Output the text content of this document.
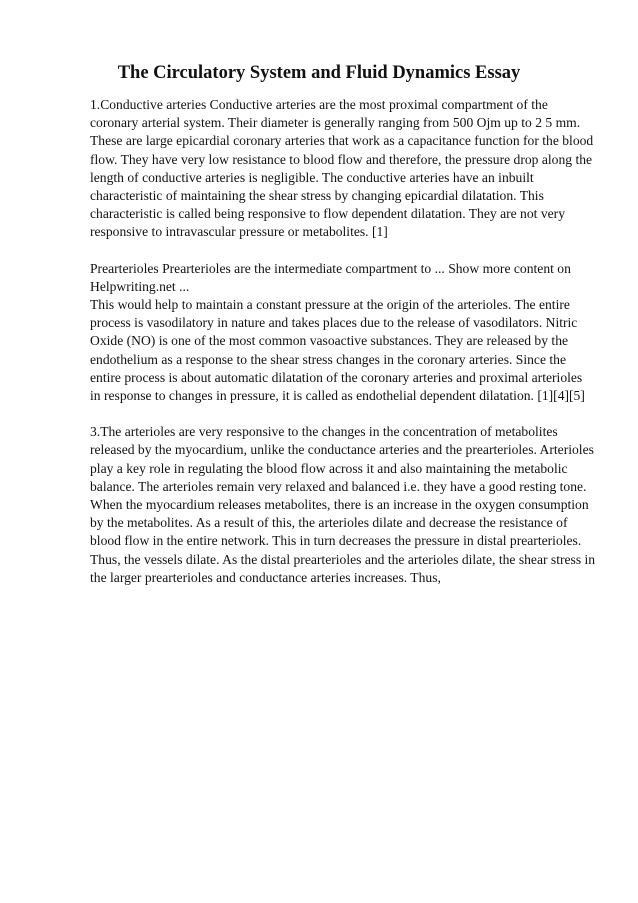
The Circulatory System and Fluid Dynamics Essay

1.Conductive arteries Conductive arteries are the most proximal compartment of the coronary arterial system. Their diameter is generally ranging from 500 Ojm up to 2 5 mm. These are large epicardial coronary arteries that work as a capacitance function for the blood flow. They have very low resistance to blood flow and therefore, the pressure drop along the length of conductive arteries is negligible. The conductive arteries have an inbuilt characteristic of maintaining the shear stress by changing epicardial dilatation. This characteristic is called being responsive to flow dependent dilatation. They are not very responsive to intravascular pressure or metabolites. [1]

Prearterioles Prearterioles are the intermediate compartment to ... Show more content on Helpwriting.net ...

This would help to maintain a constant pressure at the origin of the arterioles. The entire process is vasodilatory in nature and takes places due to the release of vasodilators. Nitric Oxide (NO) is one of the most common vasoactive substances. They are released by the endothelium as a response to the shear stress changes in the coronary arteries. Since the entire process is about automatic dilatation of the coronary arteries and proximal arterioles in response to changes in pressure, it is called as endothelial dependent dilatation. [1][4][5]

3.The arterioles are very responsive to the changes in the concentration of metabolites released by the myocardium, unlike the conductance arteries and the prearterioles. Arterioles play a key role in regulating the blood flow across it and also maintaining the metabolic balance. The arterioles remain very relaxed and balanced i.e. they have a good resting tone. When the myocardium releases metabolites, there is an increase in the oxygen consumption by the metabolites. As a result of this, the arterioles dilate and decrease the resistance of blood flow in the entire network. This in turn decreases the pressure in distal prearterioles. Thus, the vessels dilate. As the distal prearterioles and the arterioles dilate, the shear stress in the larger prearterioles and conductance arteries increases. Thus,
